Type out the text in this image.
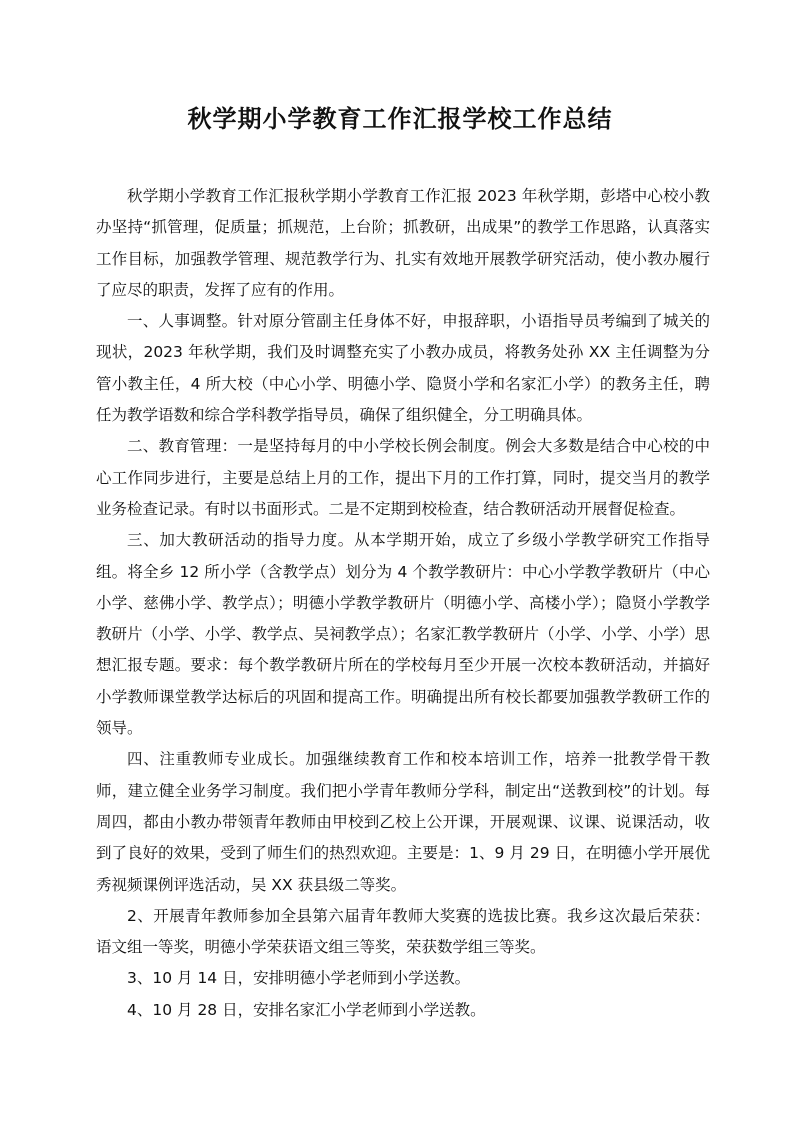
秋学期小学教育工作汇报学校工作总结

秋学期小学教育工作汇报秋学期小学教育工作汇报 2023 年秋学期，彭塔中心校小教办坚持“抓管理，促质量；抓规范，上台阶；抓教研，出成果”的教学工作思路，认真落实工作目标，加强教学管理、规范教学行为、扎实有效地开展教学研究活动，使小教办履行了应尽的职责，发挥了应有的作用。

一、人事调整。针对原分管副主任身体不好，申报辞职，小语指导员考编到了城关的现状，2023 年秋学期，我们及时调整充实了小教办成员，将教务处孙 XX 主任调整为分管小教主任，4 所大校（中心小学、明德小学、隐贤小学和名家汇小学）的教务主任，聘任为教学语数和综合学科教学指导员，确保了组织健全，分工明确具体。

二、教育管理：一是坚持每月的中小学校长例会制度。例会大多数是结合中心校的中心工作同步进行，主要是总结上月的工作，提出下月的工作打算，同时，提交当月的教学业务检查记录。有时以书面形式。二是不定期到校检查，结合教研活动开展督促检查。

三、加大教研活动的指导力度。从本学期开始，成立了乡级小学教学研究工作指导组。将全乡 12 所小学（含教学点）划分为 4 个教学教研片：中心小学教学教研片（中心小学、慈佛小学、教学点）；明德小学教学教研片（明德小学、高楼小学）；隐贤小学教学教研片（小学、小学、教学点、吴祠教学点）；名家汇教学教研片（小学、小学、小学）思想汇报专题。要求：每个教学教研片所在的学校每月至少开展一次校本教研活动，并搞好小学教师课堂教学达标后的巩固和提高工作。明确提出所有校长都要加强教学教研工作的领导。

四、注重教师专业成长。加强继续教育工作和校本培训工作，培养一批教学骨干教师，建立健全业务学习制度。我们把小学青年教师分学科，制定出“送教到校”的计划。每周四，都由小教办带领青年教师由甲校到乙校上公开课，开展观课、议课、说课活动，收到了良好的效果，受到了师生们的热烈欢迎。主要是：1、9 月 29 日，在明德小学开展优秀视频课例评选活动，吴 XX 获县级二等奖。

2、开展青年教师参加全县第六届青年教师大奖赛的选拔比赛。我乡这次最后荣获：语文组一等奖，明德小学荣获语文组三等奖，荣获数学组三等奖。

3、10 月 14 日，安排明德小学老师到小学送教。

4、10 月 28 日，安排名家汇小学老师到小学送教。
